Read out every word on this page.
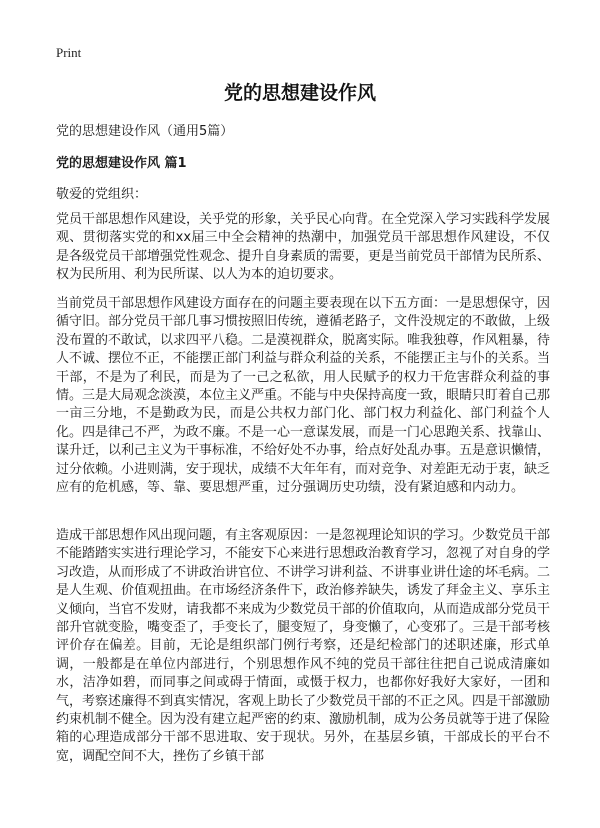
Print
党的思想建设作风
党的思想建设作风（通用5篇）
党的思想建设作风 篇1
敬爱的党组织：

党员干部思想作风建设，关乎党的形象，关乎民心向背。在全党深入学习实践科学发展观、贯彻落实党的和xx届三中全会精神的热潮中，加强党员干部思想作风建设，不仅是各级党员干部增强党性观念、提升自身素质的需要，更是当前党员干部情为民所系、权为民所用、利为民所谋、以人为本的迫切要求。

当前党员干部思想作风建设方面存在的问题主要表现在以下五方面：一是思想保守，因循守旧。部分党员干部几事习惯按照旧传统，遵循老路子，文件没规定的不敢做，上级没布置的不敢试，以求四平八稳。二是漠视群众，脱离实际。唯我独尊，作风粗暴，待人不诚、摆位不正，不能摆正部门利益与群众利益的关系，不能摆正主与仆的关系。当干部，不是为了利民，而是为了一己之私欲，用人民赋予的权力干危害群众利益的事情。三是大局观念淡漠，本位主义严重。不能与中央保持高度一致，眼睛只盯着自己那一亩三分地，不是勤政为民，而是公共权力部门化、部门权力利益化、部门利益个人化。四是律己不严，为政不廉。不是一心一意谋发展，而是一门心思跑关系、找靠山、谋升迁，以利己主义为干事标准，不给好处不办事，给点好处乱办事。五是意识懒情，过分依赖。小进则满，安于现状，成绩不大年年有，而对竞争、对差距无动于衷，缺乏应有的危机感，等、靠、要思想严重，过分强调历史功绩，没有紧迫感和内动力。

造成干部思想作风出现问题，有主客观原因：一是忽视理论知识的学习。少数党员干部不能踏踏实实进行理论学习，不能安下心来进行思想政治教育学习，忽视了对自身的学习改造，从而形成了不讲政治讲官位、不讲学习讲利益、不讲事业讲仕途的坏毛病。二是人生观、价值观扭曲。在市场经济条件下，政治修养缺失，诱发了拜金主义、享乐主义倾向，当官不发财，请我都不来成为少数党员干部的价值取向，从而造成部分党员干部升官就变脸，嘴变歪了，手变长了，腿变短了，身变懒了，心变邪了。三是干部考核评价存在偏差。目前，无论是组织部门例行考察，还是纪检部门的述职述廉，形式单调，一般都是在单位内部进行，个别思想作风不纯的党员干部往往把自己说成清廉如水，洁净如碧，而同事之间或碍于情面，或慑于权力，也都你好我好大家好，一团和气，考察述廉得不到真实情况，客观上助长了少数党员干部的不正之风。四是干部激励约束机制不健全。因为没有建立起严密的约束、激励机制，成为公务员就等于进了保险箱的心理造成部分干部不思进取、安于现状。另外，在基层乡镇，干部成长的平台不宽，调配空间不大，挫伤了乡镇干部
